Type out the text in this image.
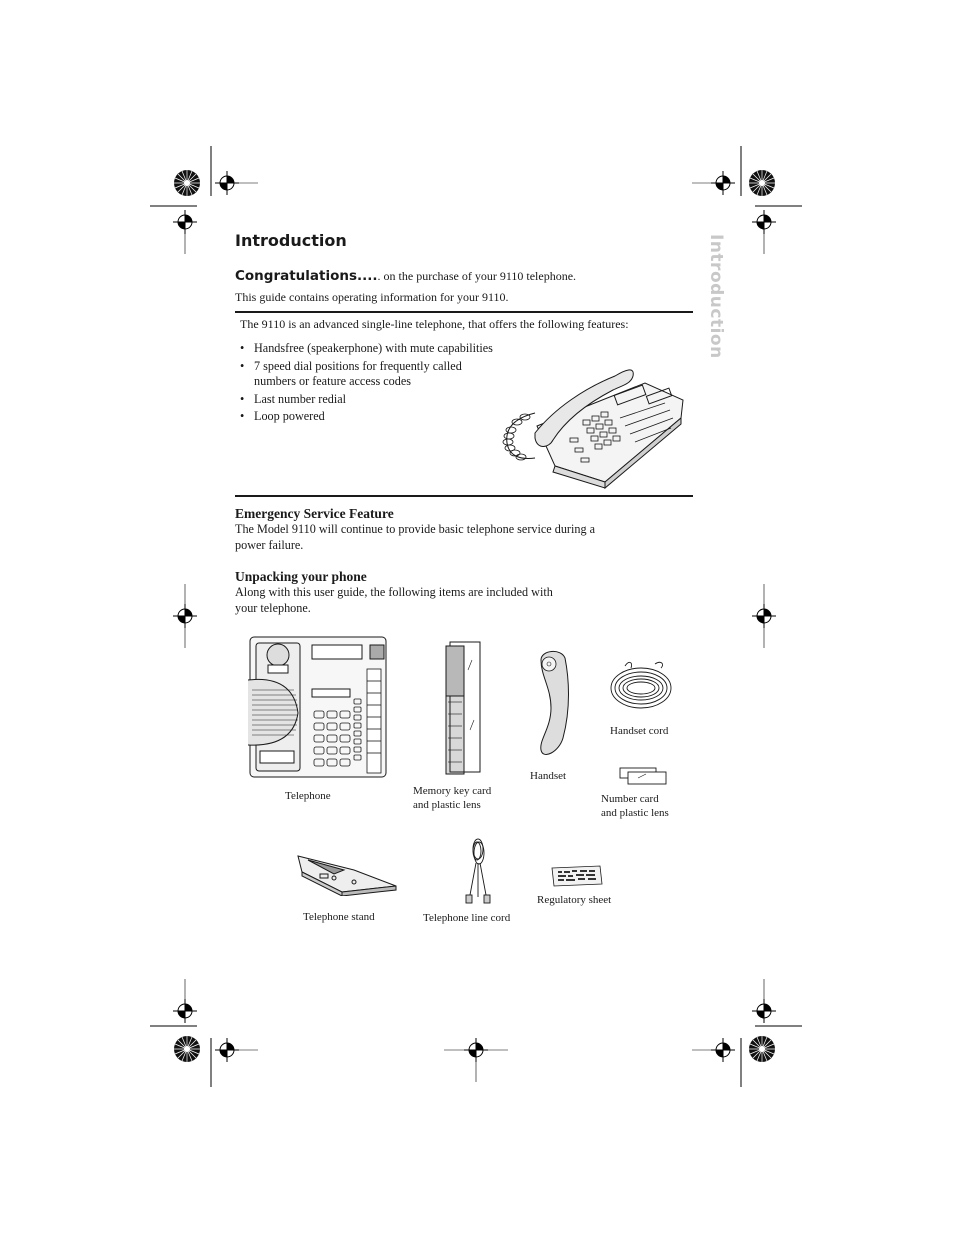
Introduction
Introduction
Congratulations..... on the purchase of your 9110 telephone.
This guide contains operating information for your 9110.
The 9110 is an advanced single-line telephone, that offers the following features:
• Handsfree (speakerphone) with mute capabilities
• 7 speed dial positions for frequently called numbers or feature access codes
• Last number redial
• Loop powered
Emergency Service Feature
The Model 9110 will continue to provide basic telephone service during a power failure.
Unpacking your phone
Along with this user guide, the following items are included with your telephone.
Telephone	Memory key card
and plastic lens
Handset
Handset cord
Number card
and plastic lens
Telephone stand	Telephone line cord
Regulatory sheet
